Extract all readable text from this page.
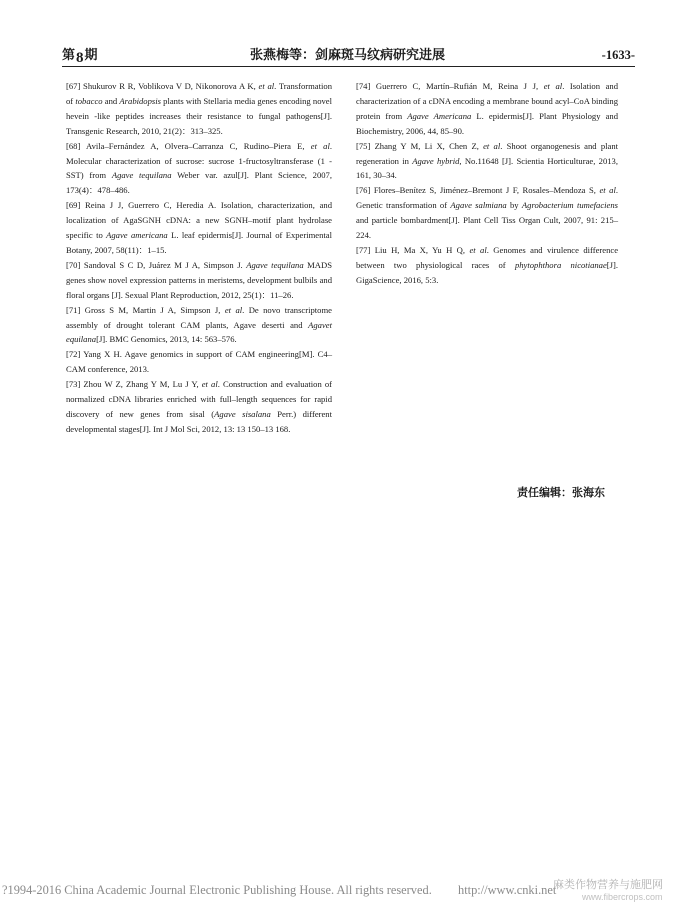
第8期	张燕梅等：剑麻斑马纹病研究进展	-1633-

[67] Shukurov R R, Voblikova V D, Nikonorova A K, et al. Transformation of tobacco and Arabidopsis plants with Stellaria media genes encoding novel hevein -like peptides increases their resistance to fungal pathogens[J]. Transgenic Research, 2010, 21(2)：313–325.

[68] Avila–Fernández A, Olvera–Carranza C, Rudino–Piera E, et al. Molecular characterization of sucrose: sucrose 1-fructosyltransferase (1 -SST) from Agave tequilana Weber var. azul[J]. Plant Science, 2007, 173(4)：478–486.

[69] Reina J J, Guerrero C, Heredia A. Isolation, characterization, and localization of AgaSGNH cDNA: a new SGNH–motif plant hydrolase specific to Agave americana L. leaf epidermis[J]. Journal of Experimental Botany, 2007, 58(11)：1–15.

[70] Sandoval S C D, Juárez M J A, Simpson J. Agave tequilana MADS genes show novel expression patterns in meristems, development bulbils and floral organs [J]. Sexual Plant Reproduction, 2012, 25(1)：11–26.

[71] Gross S M, Martin J A, Simpson J, et al. De novo transcriptome assembly of drought tolerant CAM plants, Agave deserti and Agavet equilana[J]. BMC Genomics, 2013, 14: 563–576.

[72] Yang X H. Agave genomics in support of CAM engineering[M]. C4–CAM conference, 2013.

[73] Zhou W Z, Zhang Y M, Lu J Y, et al. Construction and evaluation of normalized cDNA libraries enriched with full–length sequences for rapid discovery of new genes from sisal (Agave sisalana Perr.) different developmental stages[J]. Int J Mol Sci, 2012, 13: 13 150–13 168.

[74] Guerrero C, Martín–Rufián M, Reina J J, et al. Isolation and characterization of a cDNA encoding a membrane bound acyl–CoA binding protein from Agave Americana L. epidermis[J]. Plant Physiology and Biochemistry, 2006, 44, 85–90.

[75] Zhang Y M, Li X, Chen Z, et al. Shoot organogenesis and plant regeneration in Agave hybrid, No.11648 [J]. Scientia Horticulturae, 2013, 161, 30–34.

[76] Flores–Benítez S, Jiménez–Bremont J F, Rosales–Mendoza S, et al. Genetic transformation of Agave salmiana by Agrobacterium tumefaciens and particle bombardment[J]. Plant Cell Tiss Organ Cult, 2007, 91: 215–224.

[77] Liu H, Ma X, Yu H Q, et al. Genomes and virulence difference between two physiological races of phytophthora nicotianae[J]. GigaScience, 2016, 5:3.

责任编辑：张海东
?1994-2016 China Academic Journal Electronic Publishing House. All rights reserved. http://www.cnki.net
麻类作物营养与施肥网
www.fibercrops.com
